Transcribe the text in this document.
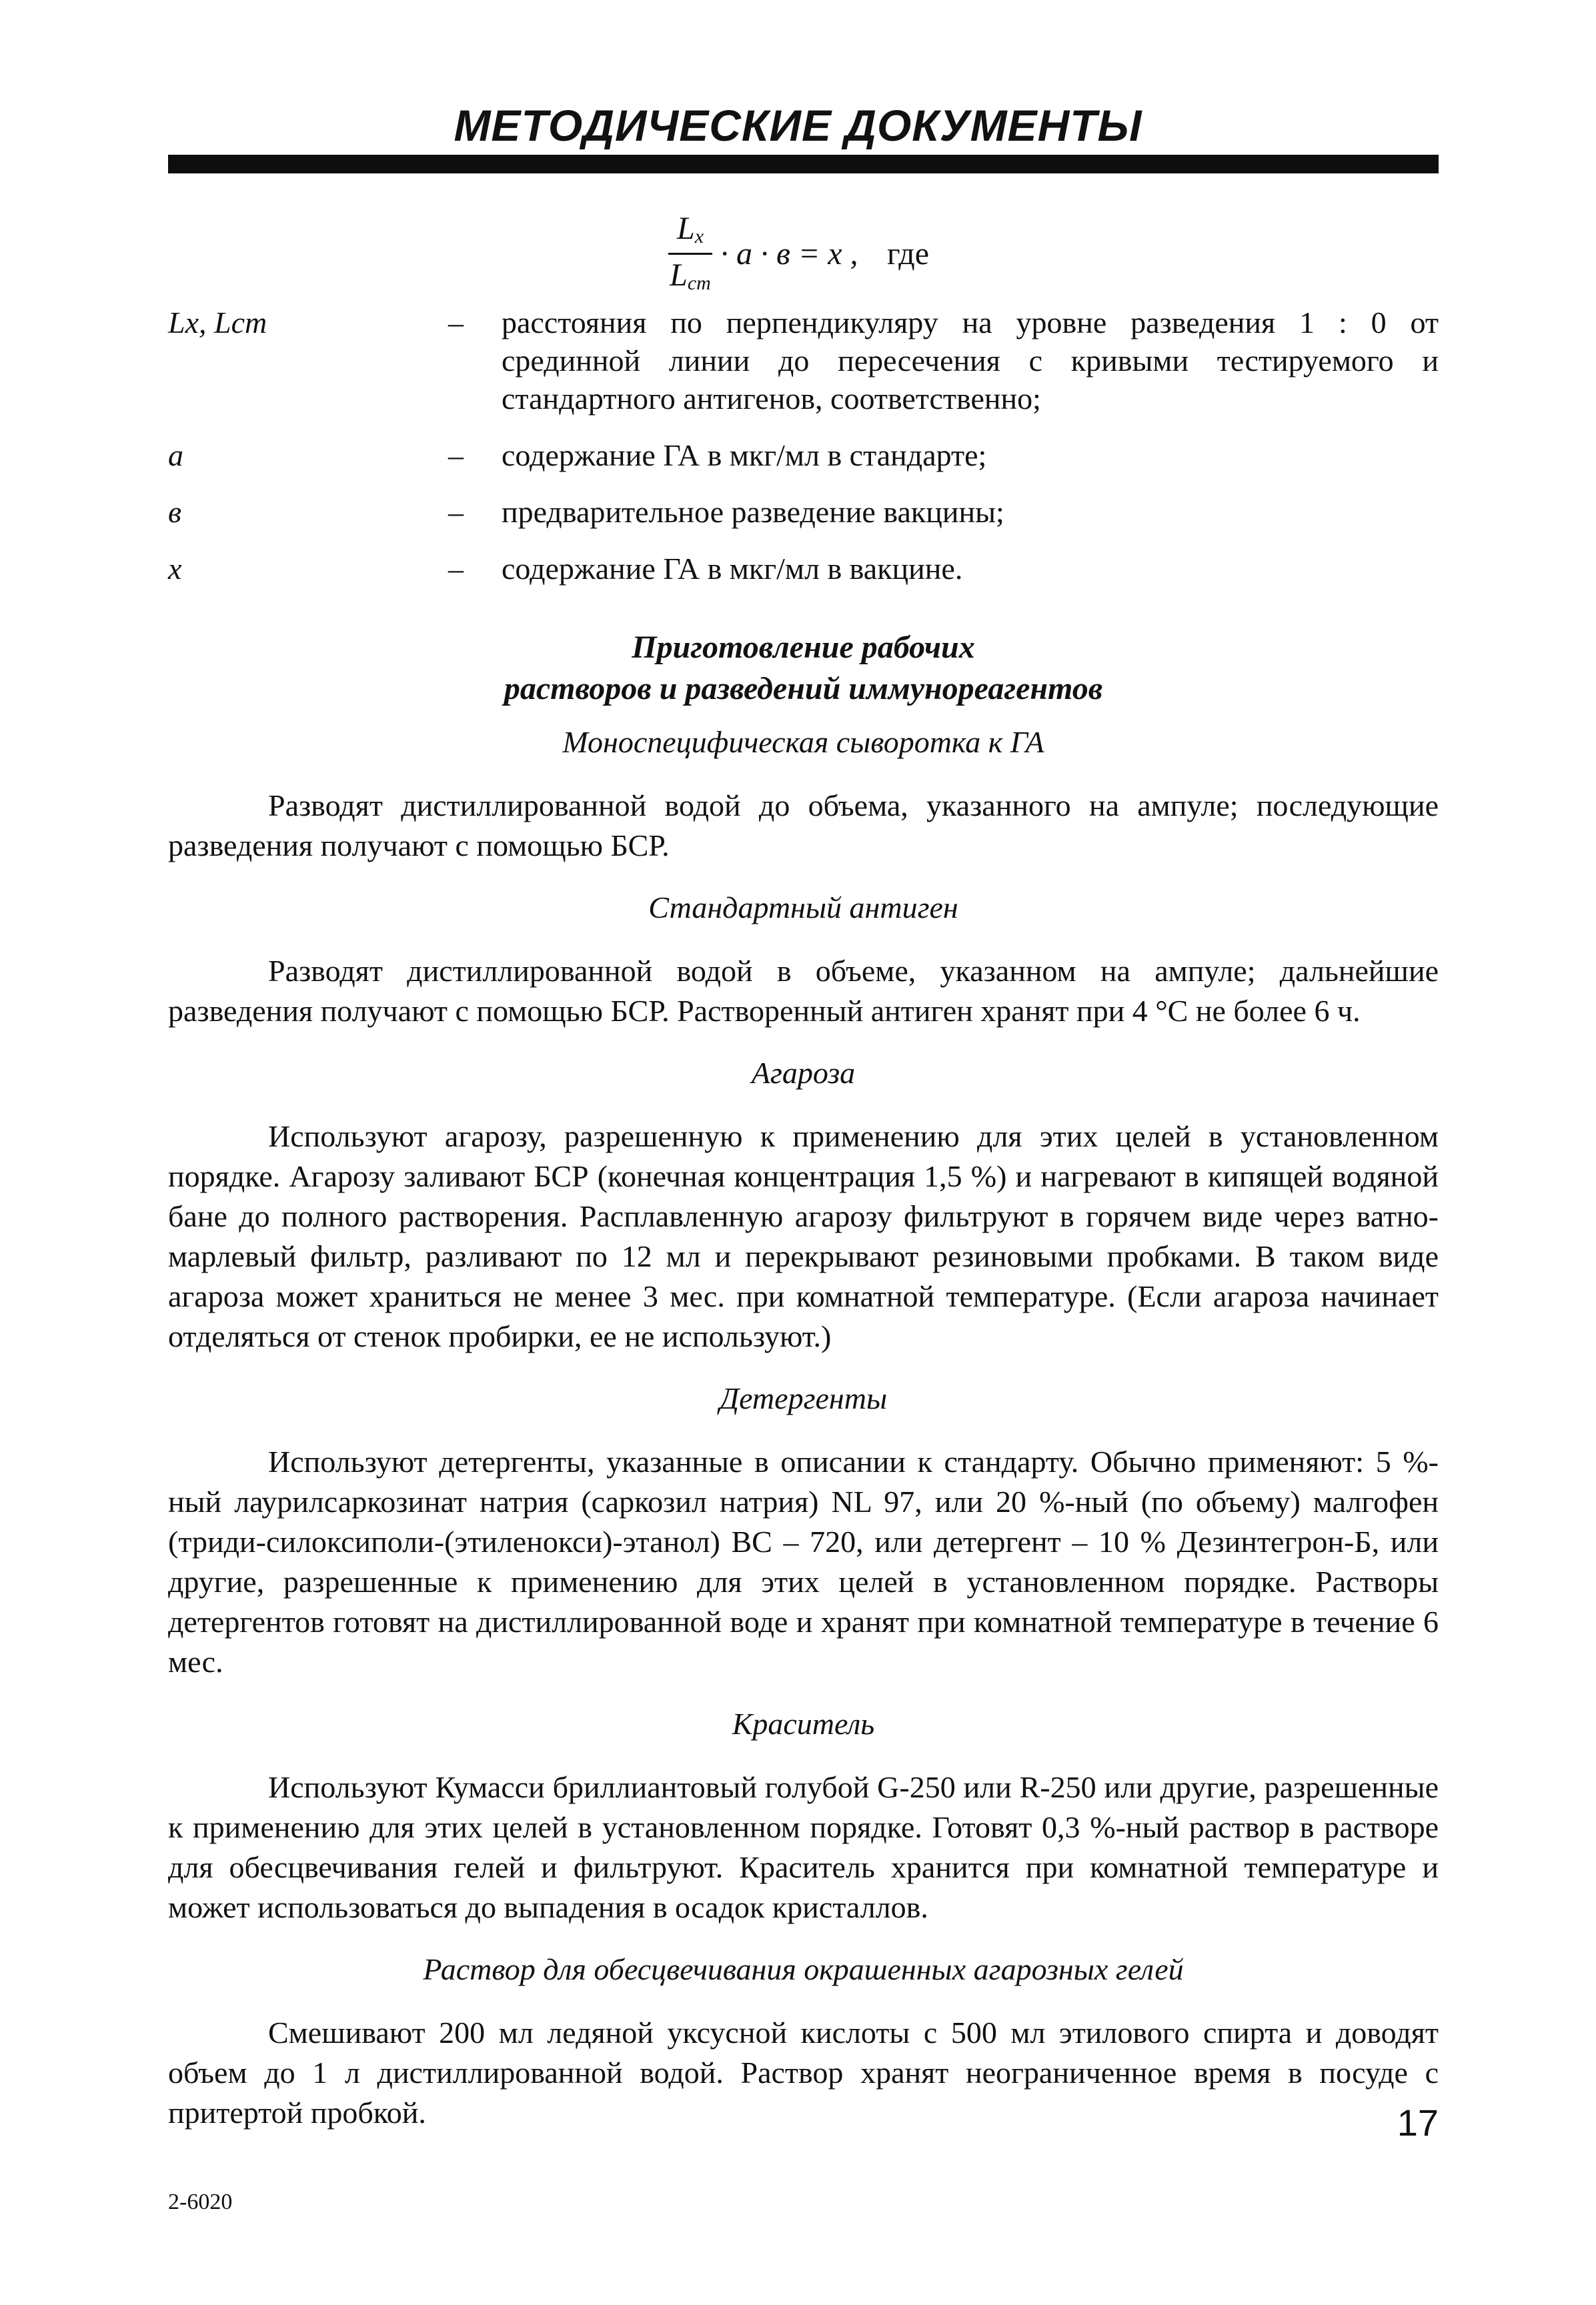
МЕТОДИЧЕСКИЕ ДОКУМЕНТЫ
$L_x$
$L_{cm}$
· a · в = x , где
Lx, Lcm	– расстояния по перпендикуляру на уровне разведения 1 : 0 от срединной линии до пересечения с кривыми тестируемого и стандартного антигенов, соответственно;
a	– содержание ГА в мкг/мл в стандарте;
в	– предварительное разведение вакцины;
x	– содержание ГА в мкг/мл в вакцине.
Приготовление рабочих
растворов и разведений иммунореагентов
Моноспецифическая сыворотка к ГА

Разводят дистиллированной водой до объема, указанного на ампуле; последующие разведения получают с помощью БСР.

Стандартный антиген

Разводят дистиллированной водой в объеме, указанном на ампуле; дальнейшие разведения получают с помощью БСР. Растворенный антиген хранят при 4 °С не более 6 ч.

Агароза

Используют агарозу, разрешенную к применению для этих целей в установленном порядке. Агарозу заливают БСР (конечная концентрация 1,5 %) и нагревают в кипящей водяной бане до полного растворения. Расплавленную агарозу фильтруют в горячем виде через ватно-марлевый фильтр, разливают по 12 мл и перекрывают резиновыми пробками. В таком виде агароза может храниться не менее 3 мес. при комнатной температуре. (Если агароза начинает отделяться от стенок пробирки, ее не используют.)

Детергенты

Используют детергенты, указанные в описании к стандарту. Обычно применяют: 5 %-ный лаурилсаркозинат натрия (саркозил натрия) NL 97, или 20 %-ный (по объему) малгофен (триди-силоксиполи-(этиленокси)-этанол) ВС – 720, или детергент – 10 % Дезинтегрон-Б, или другие, разрешенные к применению для этих целей в установленном порядке. Растворы детергентов готовят на дистиллированной воде и хранят при комнатной температуре в течение 6 мес.

Краситель

Используют Кумасси бриллиантовый голубой G-250 или R-250 или другие, разрешенные к применению для этих целей в установленном порядке. Готовят 0,3 %-ный раствор в растворе для обесцвечивания гелей и фильтруют. Краситель хранится при комнатной температуре и может использоваться до выпадения в осадок кристаллов.

Раствор для обесцвечивания окрашенных агарозных гелей

Смешивают 200 мл ледяной уксусной кислоты с 500 мл этилового спирта и доводят объем до 1 л дистиллированной водой. Раствор хранят неограниченное время в посуде с притертой пробкой.	17
2-6020
